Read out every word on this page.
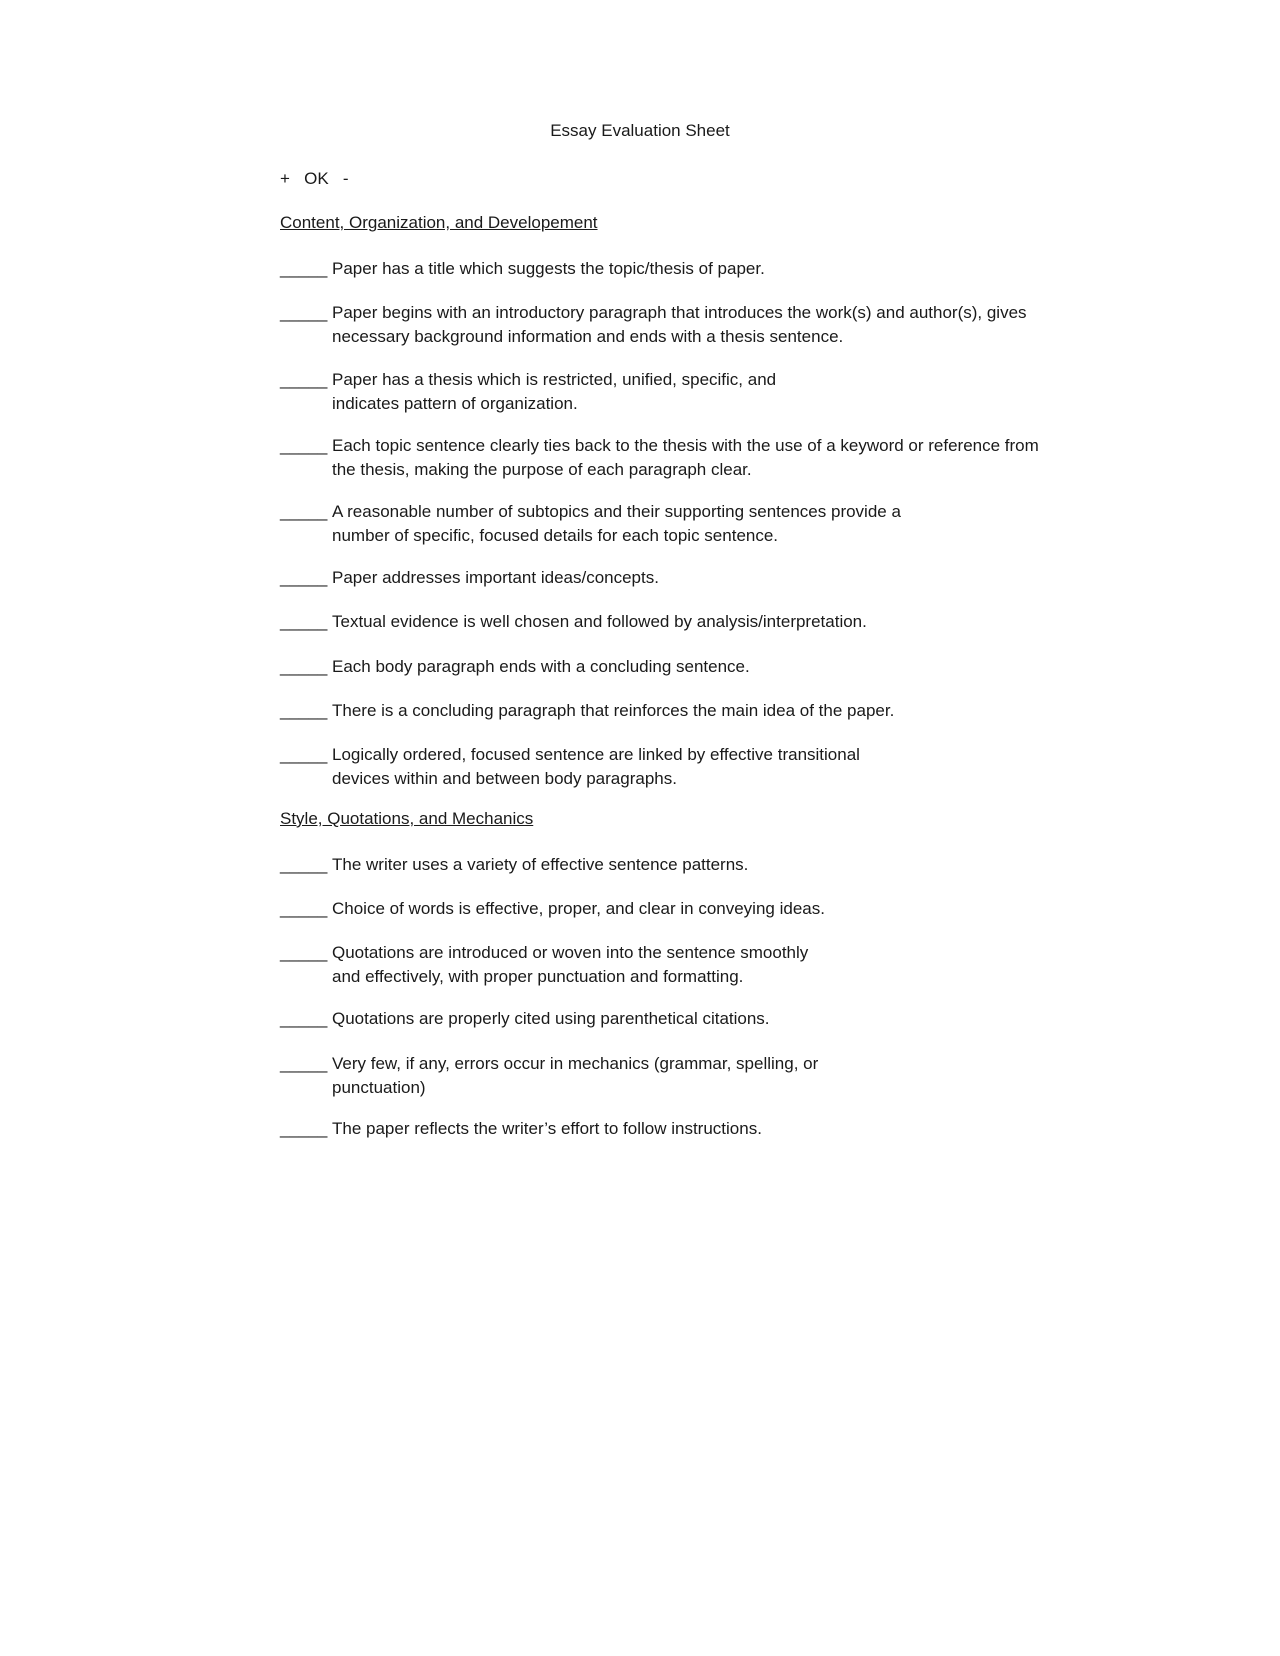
Essay Evaluation Sheet
+ OK -
Content, Organization, and Developement
_____
Paper has a title which suggests the topic/thesis of paper.
_____
Paper begins with an introductory paragraph that introduces the work(s) and author(s), gives necessary background information and ends with a thesis sentence.
_____
Paper has a thesis which is restricted, unified, specific, and indicates pattern of organization.
_____
Each topic sentence clearly ties back to the thesis with the use of a keyword or reference from the thesis, making the purpose of each paragraph clear.
_____
A reasonable number of subtopics and their supporting sentences provide a number of specific, focused details for each topic sentence.
_____
Paper addresses important ideas/concepts.
_____
Textual evidence is well chosen and followed by analysis/interpretation.
_____
Each body paragraph ends with a concluding sentence.
_____
There is a concluding paragraph that reinforces the main idea of the paper.
_____
Logically ordered, focused sentence are linked by effective transitional devices within and between body paragraphs.
Style, Quotations, and Mechanics
_____
The writer uses a variety of effective sentence patterns.
_____
Choice of words is effective, proper, and clear in conveying ideas.
_____
Quotations are introduced or woven into the sentence smoothly and effectively, with proper punctuation and formatting.
_____
Quotations are properly cited using parenthetical citations.
_____
Very few, if any, errors occur in mechanics (grammar, spelling, or punctuation)
_____
The paper reflects the writer’s effort to follow instructions.
